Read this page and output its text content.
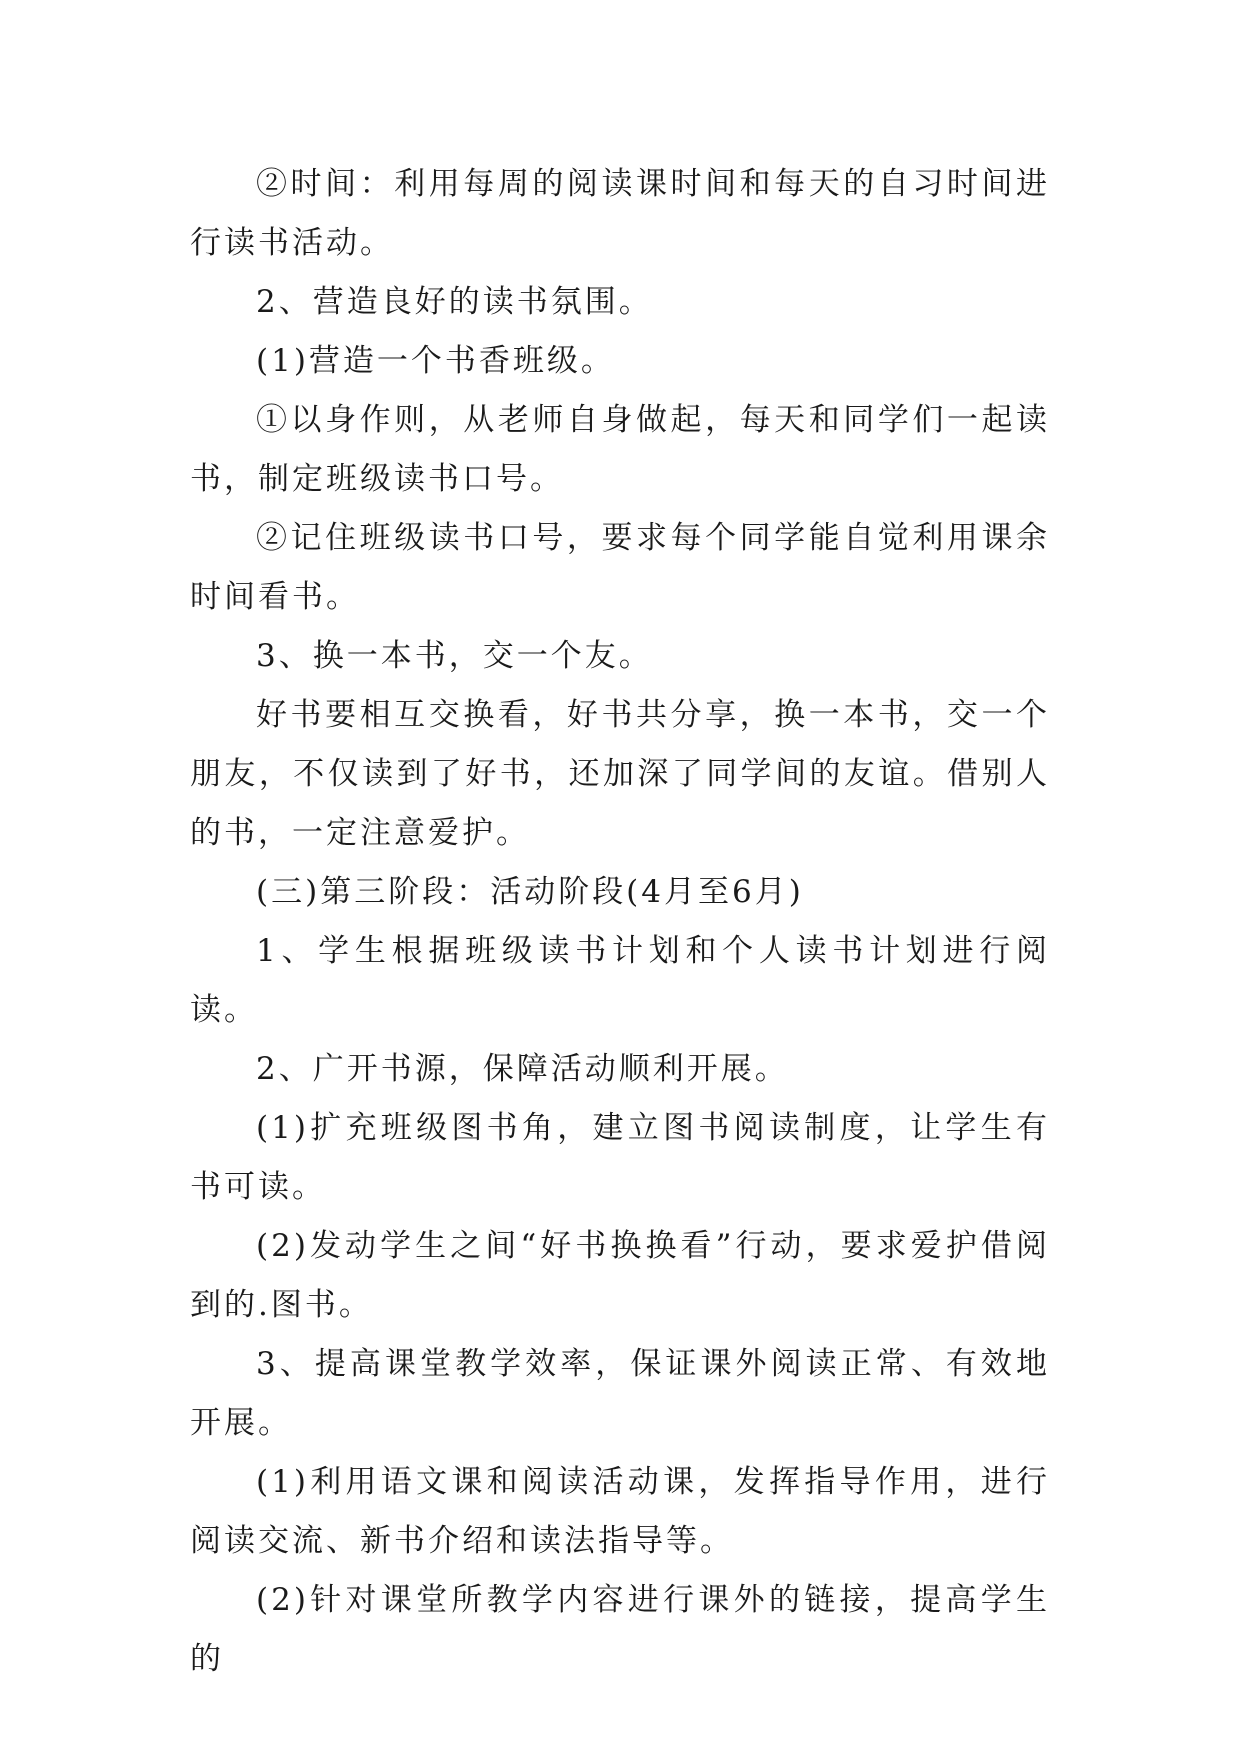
②时间：利用每周的阅读课时间和每天的自习时间进行读书活动。

2、营造良好的读书氛围。

(1)营造一个书香班级。

①以身作则，从老师自身做起，每天和同学们一起读书，制定班级读书口号。

②记住班级读书口号，要求每个同学能自觉利用课余时间看书。

3、换一本书，交一个友。

好书要相互交换看，好书共分享，换一本书，交一个朋友，不仅读到了好书，还加深了同学间的友谊。借别人的书，一定注意爱护。

(三)第三阶段：活动阶段(4月至6月)

1、学生根据班级读书计划和个人读书计划进行阅读。

2、广开书源，保障活动顺利开展。

(1)扩充班级图书角，建立图书阅读制度，让学生有书可读。

(2)发动学生之间“好书换换看”行动，要求爱护借阅到的.图书。

3、提高课堂教学效率，保证课外阅读正常、有效地开展。

(1)利用语文课和阅读活动课，发挥指导作用，进行阅读交流、新书介绍和读法指导等。

(2)针对课堂所教学内容进行课外的链接，提高学生的
